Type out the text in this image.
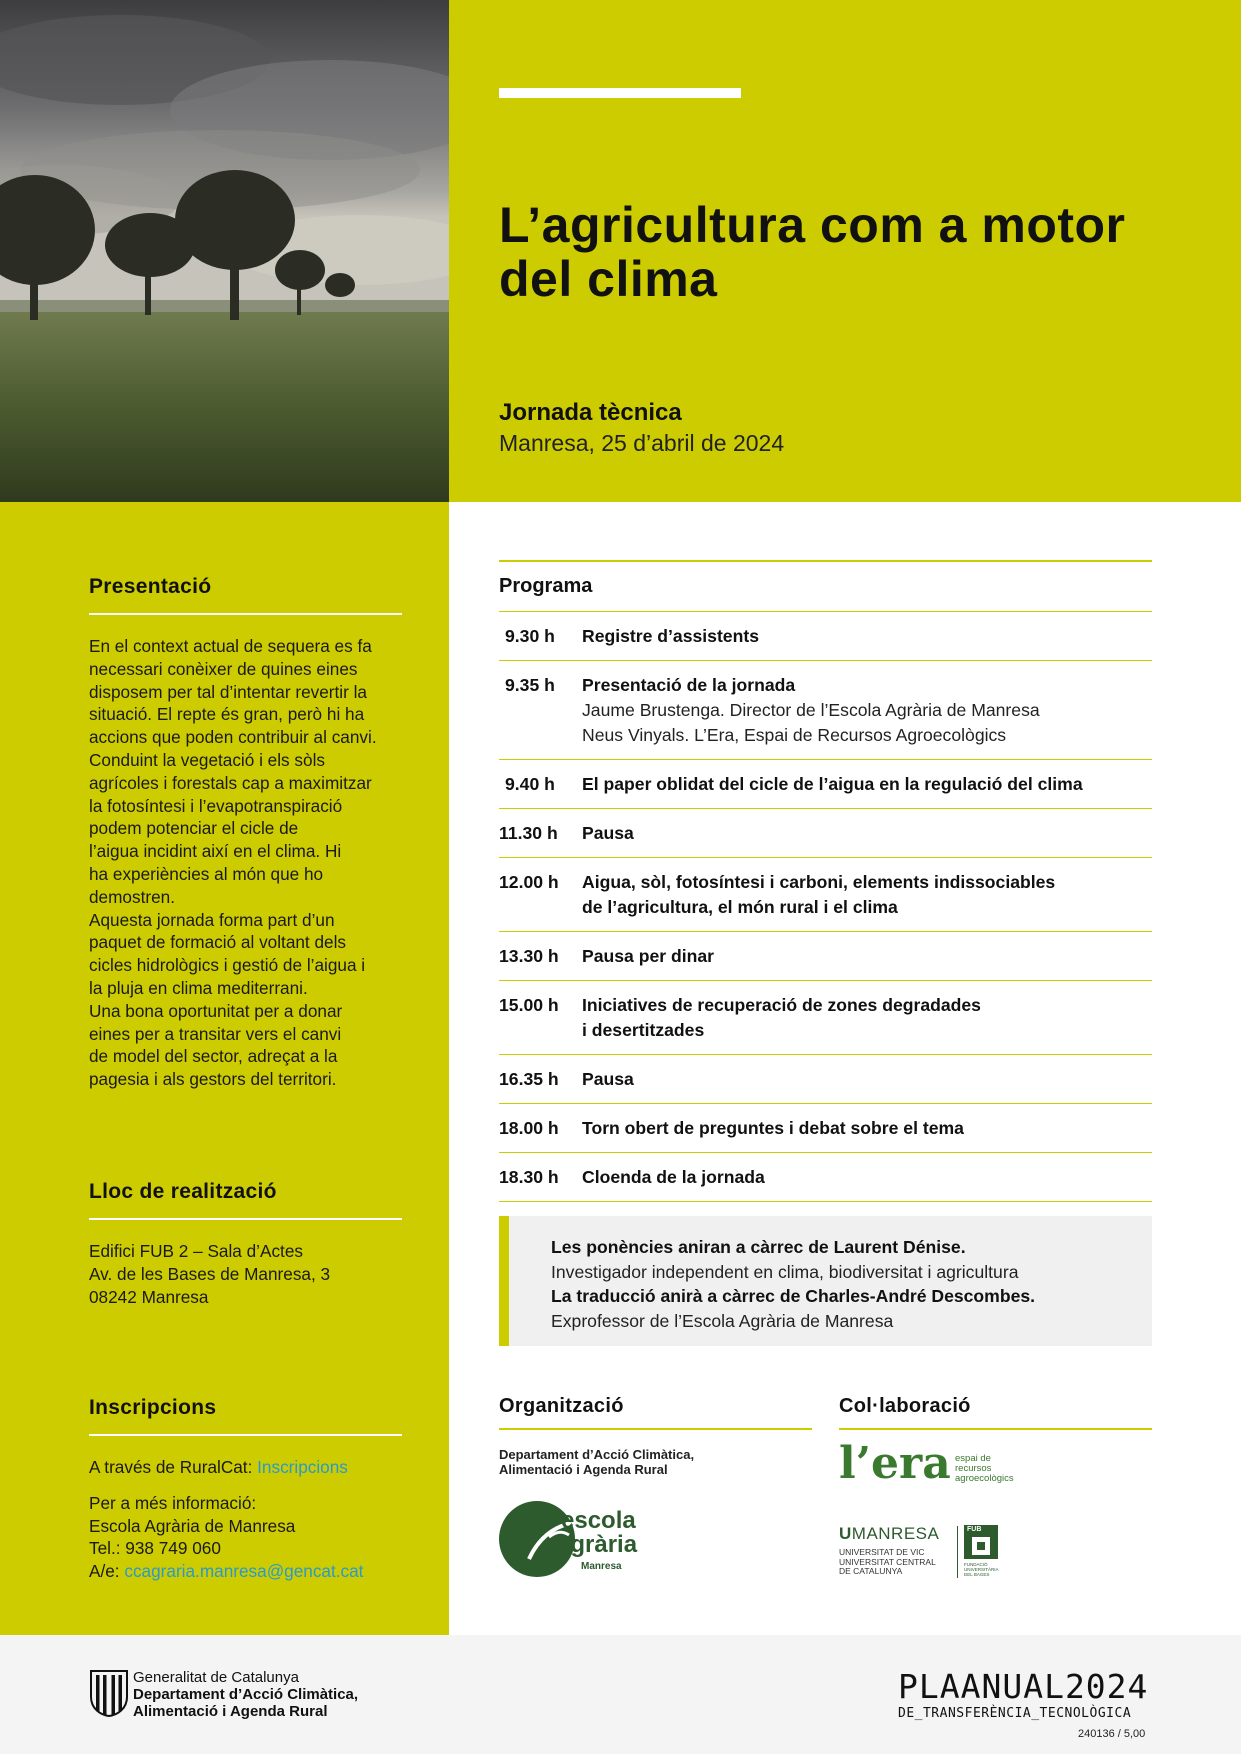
L’agricultura com a motor del clima
Jornada tècnica
Manresa, 25 d’abril de 2024
Presentació

En el context actual de sequera es fa
necessari conèixer de quines eines
disposem per tal d’intentar revertir la
situació. El repte és gran, però hi ha
accions que poden contribuir al canvi.
Conduint la vegetació i els sòls
agrícoles i forestals cap a maximitzar
la fotosíntesi i l’evapotranspiració
podem potenciar el cicle de
l’aigua incidint així en el clima. Hi
ha experiències al món que ho
demostren.
Aquesta jornada forma part d’un
paquet de formació al voltant dels
cicles hidrològics i gestió de l’aigua i
la pluja en clima mediterrani.
Una bona oportunitat per a donar
eines per a transitar vers el canvi
de model del sector, adreçat a la
pagesia i als gestors del territori.

Lloc de realització
Edifici FUB 2 – Sala d’Actes
Av. de les Bases de Manresa, 3
08242 Manresa
Inscripcions
A través de RuralCat: Inscripcions
Per a més informació:
Escola Agrària de Manresa
Tel.: 938 749 060
A/e: ccagraria.manresa@gencat.cat
Programa
9.30 h	Registre d’assistents
9.35 h	Presentació de la jornada
Jaume Brustenga. Director de l’Escola Agrària de Manresa
Neus Vinyals. L’Era, Espai de Recursos Agroecològics
9.40 h	El paper oblidat del cicle de l’aigua en la regulació del clima
11.30 h	Pausa
12.00 h	Aigua, sòl, fotosíntesi i carboni, elements indissociables
de l’agricultura, el món rural i el clima
13.30 h	Pausa per dinar
15.00 h	Iniciatives de recuperació de zones degradades
i desertitzades
16.35 h	Pausa
18.00 h	Torn obert de preguntes i debat sobre el tema
18.30 h	Cloenda de la jornada
Les ponències aniran a càrrec de Laurent Dénise.
Investigador independent en clima, biodiversitat i agricultura
La traducció anirà a càrrec de Charles-André Descombes.
Exprofessor de l’Escola Agrària de Manresa
Organització
Departament d’Acció Climàtica,
Alimentació i Agenda Rural
escola
agrària
Manresa
Col·laboració
l’era espai de
recursos
agroecològics
UMANRESA
UNIVERSITAT DE VIC
UNIVERSITAT CENTRAL
DE CATALUNYA
FUB
FUNDACIÓ
UNIVERSITÀRIA
DEL BAGES
Generalitat de Catalunya
Departament d’Acció Climàtica,
Alimentació i Agenda Rural
PLAANUAL2024
DE_TRANSFERÈNCIA_TECNOLÒGICA
240136 / 5,00
